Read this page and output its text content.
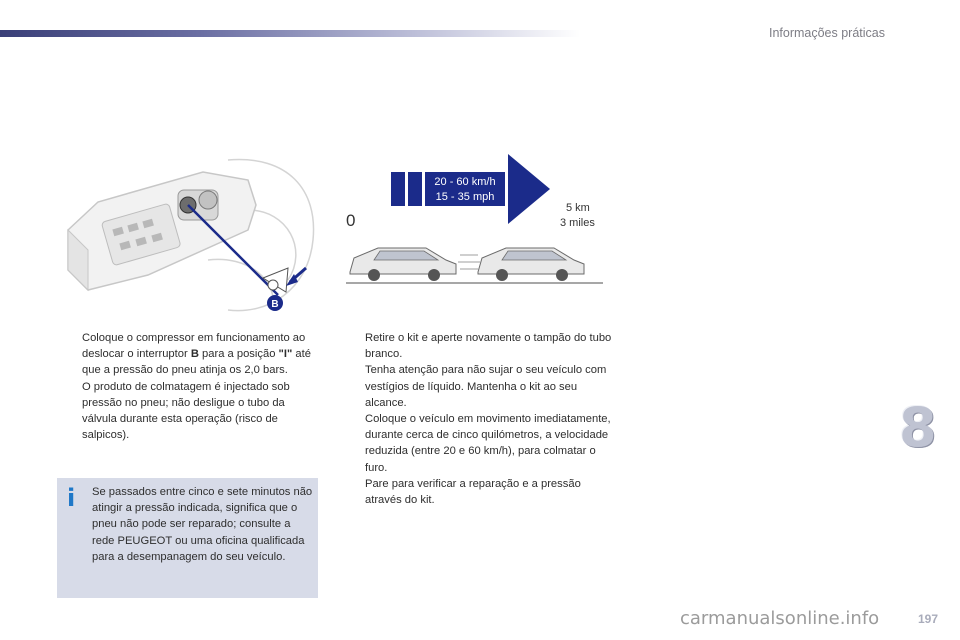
Informações práticas
B
20 - 60 km/h
15 - 35 mph
0
5 km
3 miles
Coloque o compressor em funcionamento ao deslocar o interruptor B para a posição "I" até que a pressão do pneu atinja os 2,0 bars.
O produto de colmatagem é injectado sob pressão no pneu; não desligue o tubo da válvula durante esta operação (risco de salpicos).
i	Se passados entre cinco e sete minutos não atingir a pressão indicada, significa que o pneu não pode ser reparado; consulte a rede PEUGEOT ou uma oficina qualificada para a desempanagem do seu veículo.
Retire o kit e aperte novamente o tampão do tubo branco.
Tenha atenção para não sujar o seu veículo com vestígios de líquido. Mantenha o kit ao seu alcance.
Coloque o veículo em movimento imediatamente, durante cerca de cinco quilómetros, a velocidade reduzida (entre 20 e 60 km/h), para colmatar o furo.
Pare para verificar a reparação e a pressão através do kit.
8
carmanualsonline.info	197
